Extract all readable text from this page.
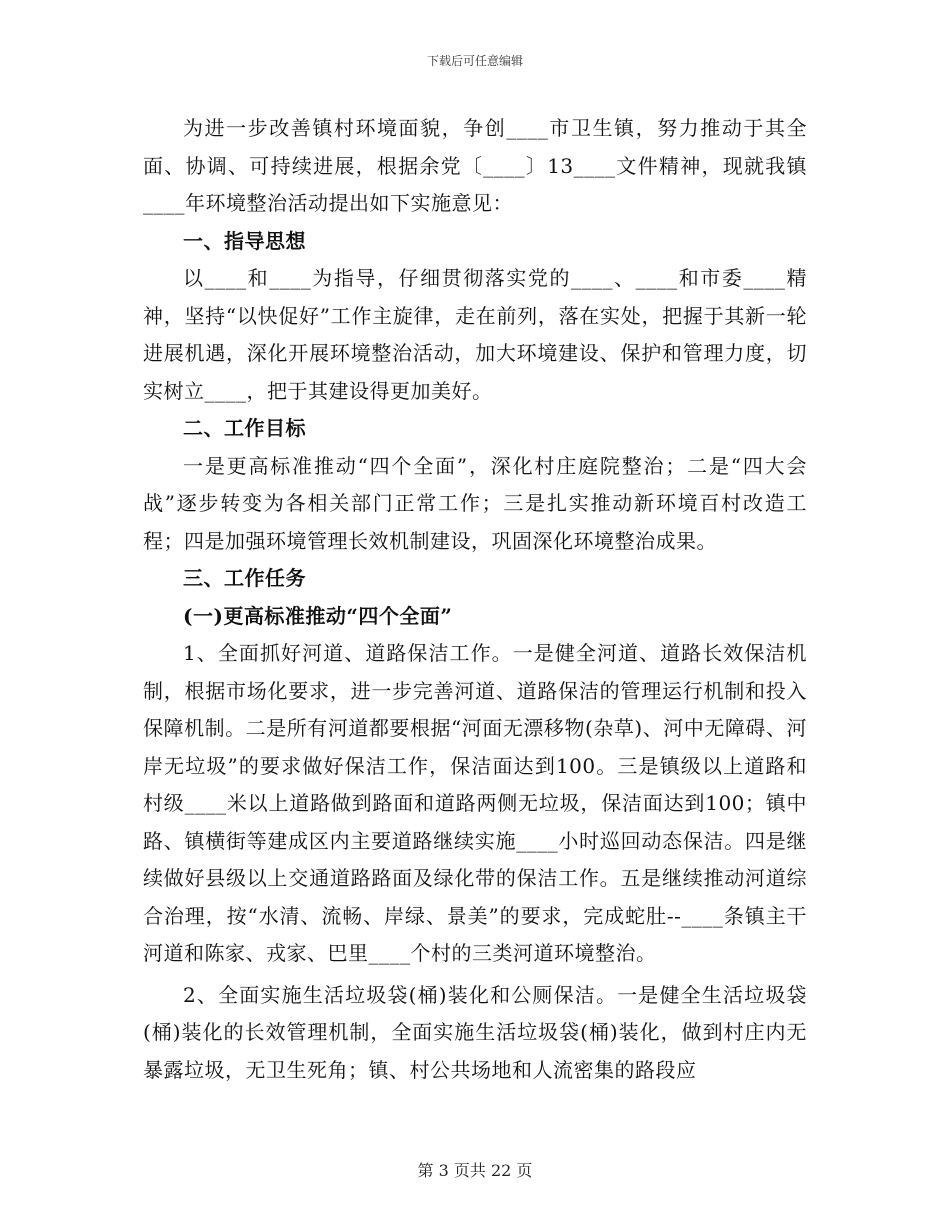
下载后可任意编辑

为进一步改善镇村环境面貌，争创____市卫生镇，努力推动于其全面、协调、可持续进展，根据余党〔____〕13____文件精神，现就我镇____年环境整治活动提出如下实施意见：

一、指导思想

以____和____为指导，仔细贯彻落实党的____、____和市委____精神，坚持“以快促好”工作主旋律，走在前列，落在实处，把握于其新一轮进展机遇，深化开展环境整治活动，加大环境建设、保护和管理力度，切实树立____，把于其建设得更加美好。

二、工作目标

一是更高标准推动“四个全面”，深化村庄庭院整治；二是“四大会战”逐步转变为各相关部门正常工作；三是扎实推动新环境百村改造工程；四是加强环境管理长效机制建设，巩固深化环境整治成果。

三、工作任务

(一)更高标准推动“四个全面”

1、全面抓好河道、道路保洁工作。一是健全河道、道路长效保洁机制，根据市场化要求，进一步完善河道、道路保洁的管理运行机制和投入保障机制。二是所有河道都要根据“河面无漂移物(杂草)、河中无障碍、河岸无垃圾”的要求做好保洁工作，保洁面达到100。三是镇级以上道路和村级____米以上道路做到路面和道路两侧无垃圾，保洁面达到100；镇中路、镇横街等建成区内主要道路继续实施____小时巡回动态保洁。四是继续做好县级以上交通道路路面及绿化带的保洁工作。五是继续推动河道综合治理，按“水清、流畅、岸绿、景美”的要求，完成蛇肚--____条镇主干河道和陈家、戎家、巴里____个村的三类河道环境整治。

2、全面实施生活垃圾袋(桶)装化和公厕保洁。一是健全生活垃圾袋(桶)装化的长效管理机制，全面实施生活垃圾袋(桶)装化，做到村庄内无暴露垃圾，无卫生死角；镇、村公共场地和人流密集的路段应

第 3 页共 22 页
